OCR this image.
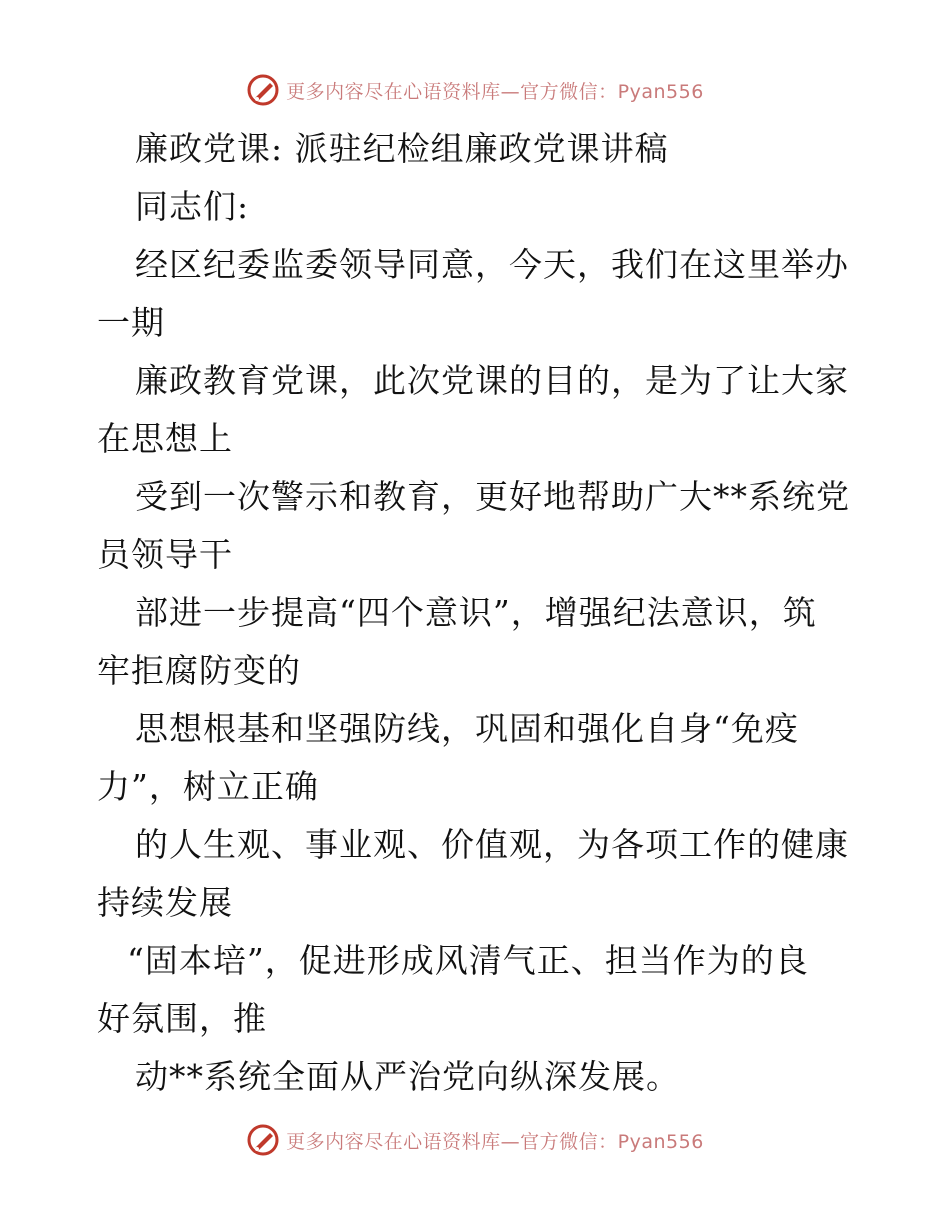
更多内容尽在心语资料库—官方微信：Pyan556
廉政党课: 派驻纪检组廉政党课讲稿
同志们:
经区纪委监委领导同意，今天，我们在这里举办
一期
廉政教育党课，此次党课的目的，是为了让大家
在思想上
受到一次警示和教育，更好地帮助广大**系统党
员领导干
部进一步提高“四个意识”，增强纪法意识，筑
牢拒腐防变的
思想根基和坚强防线，巩固和强化自身“免疫
力”，树立正确
的人生观、事业观、价值观，为各项工作的健康
持续发展
“固本培”，促进形成风清气正、担当作为的良
好氛围，推
动**系统全面从严治党向纵深发展。
更多内容尽在心语资料库—官方微信：Pyan556
